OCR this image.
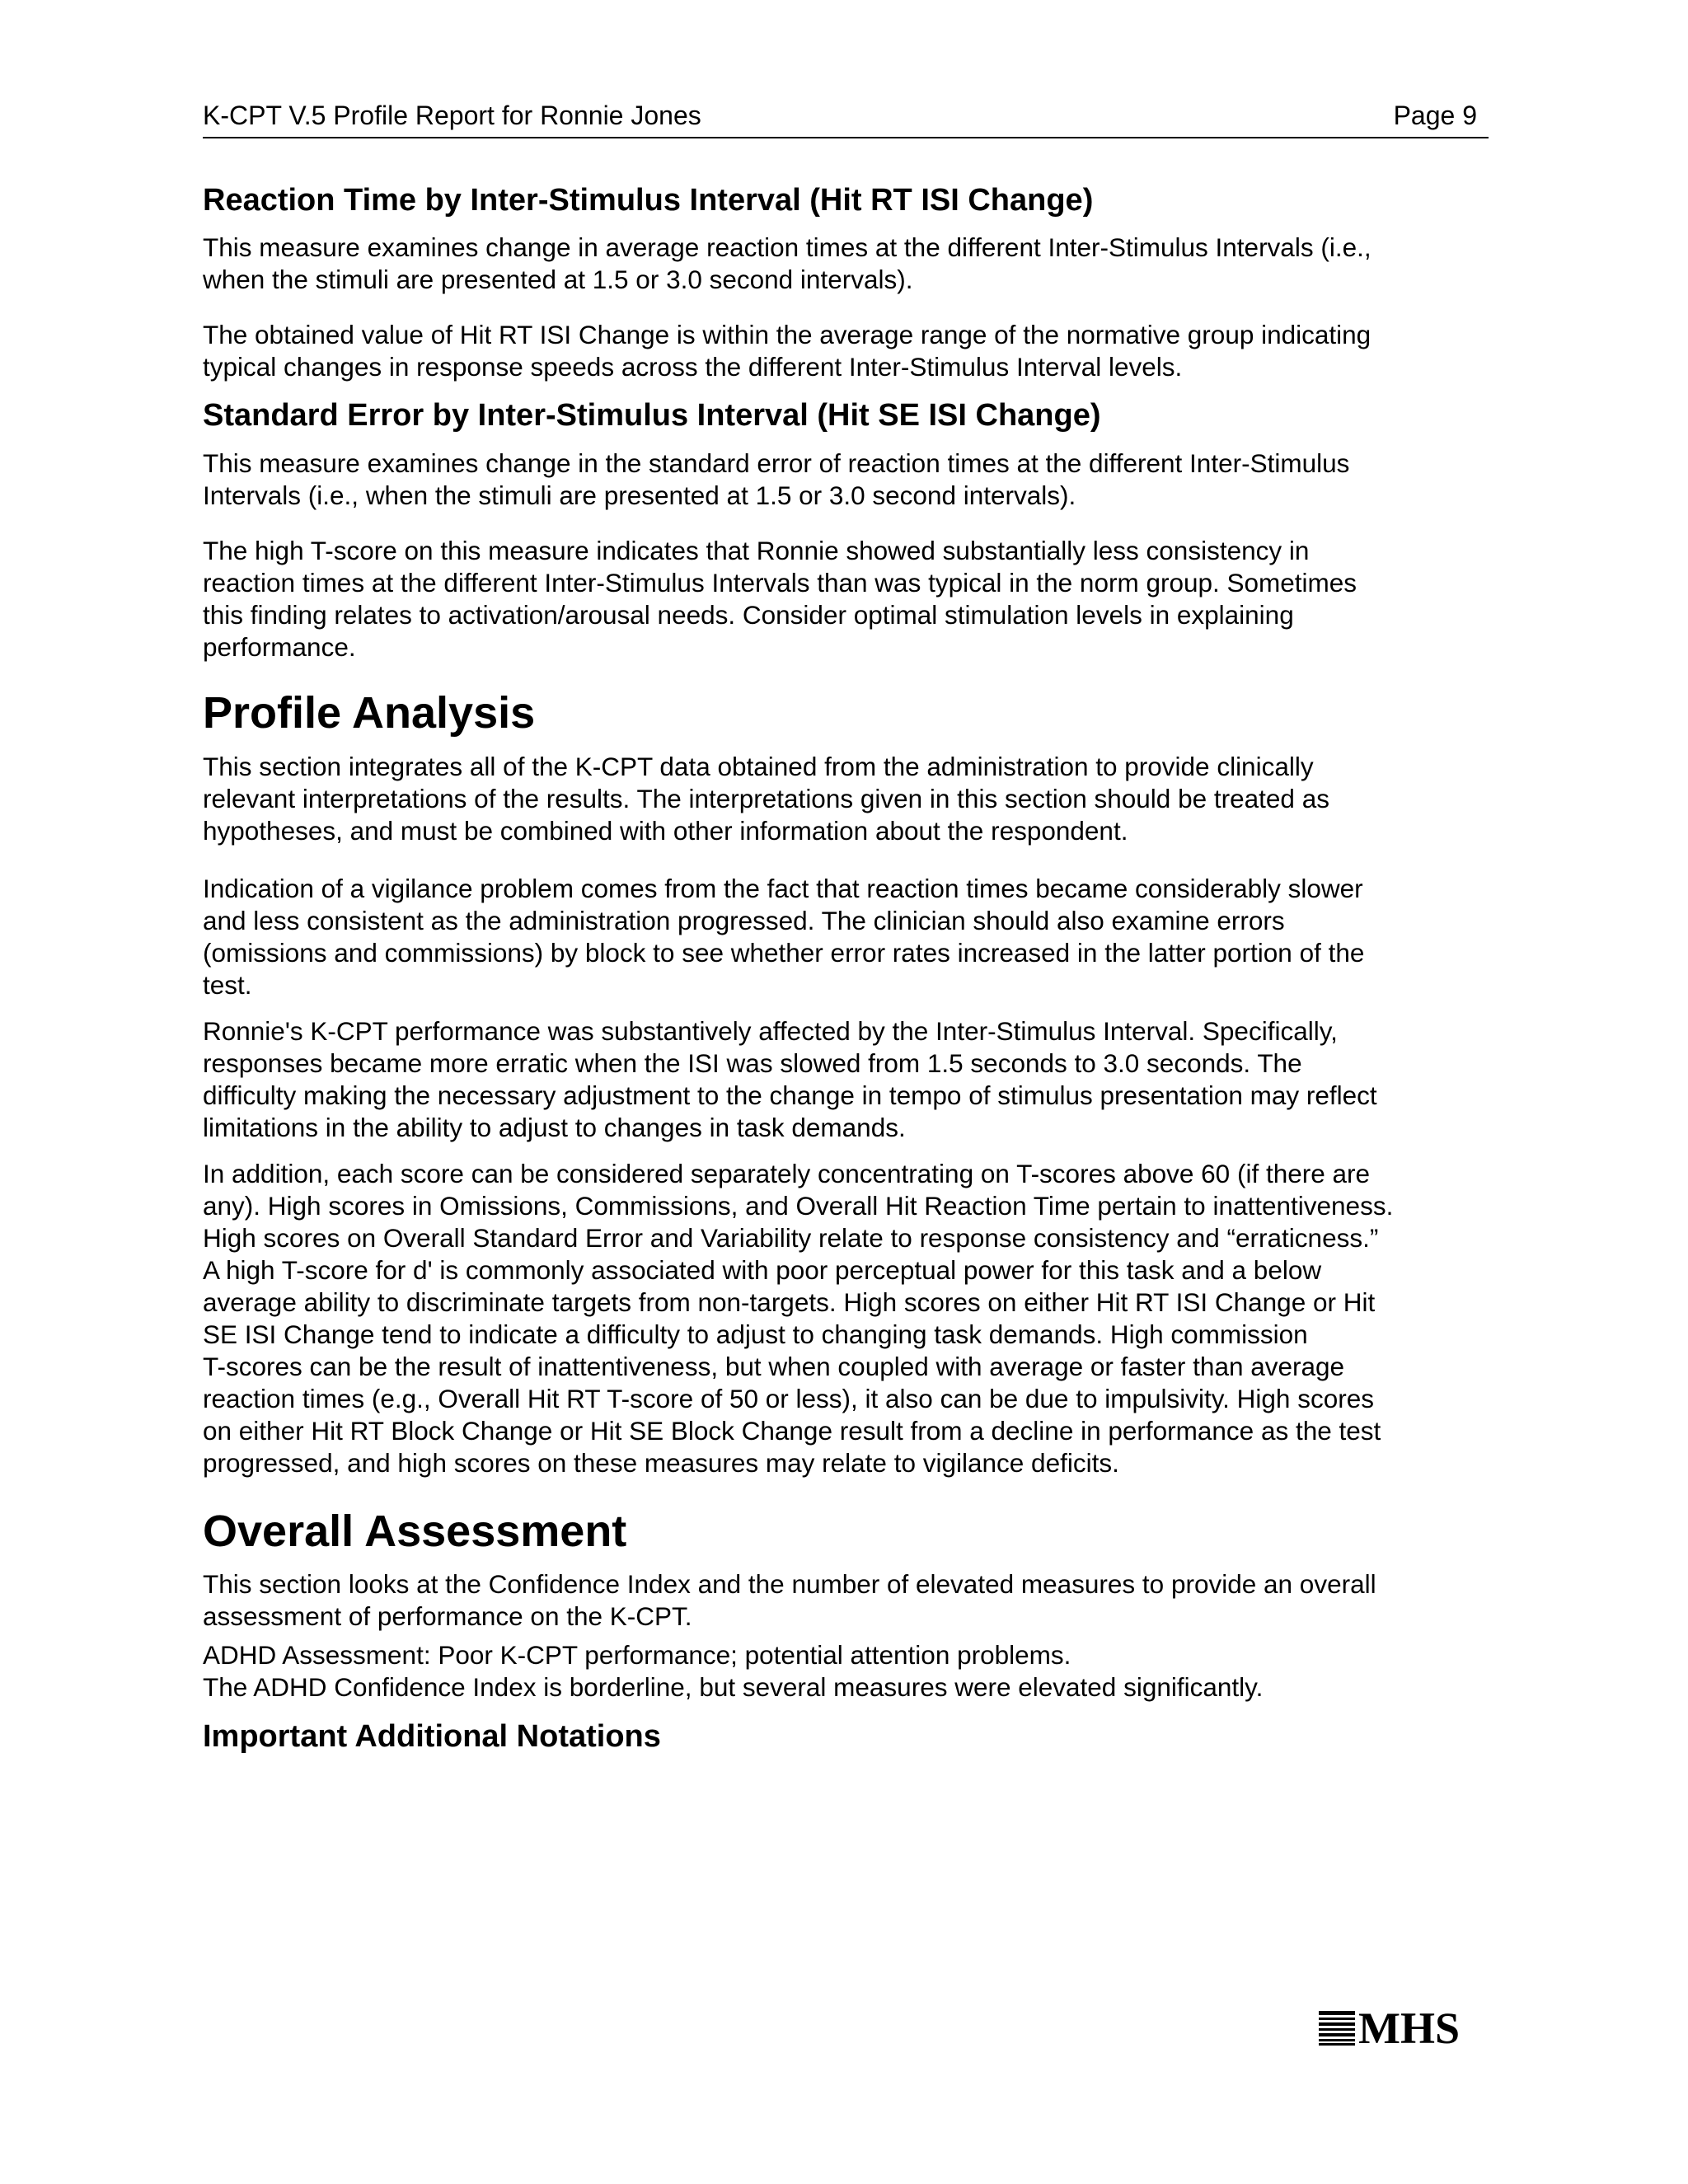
K-CPT V.5 Profile Report for Ronnie Jones	Page 9
Reaction Time by Inter-Stimulus Interval (Hit RT ISI Change)

This measure examines change in average reaction times at the different Inter-Stimulus Intervals (i.e.,
when the stimuli are presented at 1.5 or 3.0 second intervals).

The obtained value of Hit RT ISI Change is within the average range of the normative group indicating
typical changes in response speeds across the different Inter-Stimulus Interval levels.

Standard Error by Inter-Stimulus Interval (Hit SE ISI Change)

This measure examines change in the standard error of reaction times at the different Inter-Stimulus
Intervals (i.e., when the stimuli are presented at 1.5 or 3.0 second intervals).

The high T-score on this measure indicates that Ronnie showed substantially less consistency in
reaction times at the different Inter-Stimulus Intervals than was typical in the norm group. Sometimes
this finding relates to activation/arousal needs. Consider optimal stimulation levels in explaining
performance.

Profile Analysis

This section integrates all of the K-CPT data obtained from the administration to provide clinically
relevant interpretations of the results. The interpretations given in this section should be treated as
hypotheses, and must be combined with other information about the respondent.

Indication of a vigilance problem comes from the fact that reaction times became considerably slower
and less consistent as the administration progressed. The clinician should also examine errors
(omissions and commissions) by block to see whether error rates increased in the latter portion of the
test.

Ronnie's K-CPT performance was substantively affected by the Inter-Stimulus Interval. Specifically,
responses became more erratic when the ISI was slowed from 1.5 seconds to 3.0 seconds. The
difficulty making the necessary adjustment to the change in tempo of stimulus presentation may reflect
limitations in the ability to adjust to changes in task demands.

In addition, each score can be considered separately concentrating on T-scores above 60 (if there are
any). High scores in Omissions, Commissions, and Overall Hit Reaction Time pertain to inattentiveness.
High scores on Overall Standard Error and Variability relate to response consistency and “erraticness.”
A high T-score for d' is commonly associated with poor perceptual power for this task and a below
average ability to discriminate targets from non-targets. High scores on either Hit RT ISI Change or Hit
SE ISI Change tend to indicate a difficulty to adjust to changing task demands. High commission
T-scores can be the result of inattentiveness, but when coupled with average or faster than average
reaction times (e.g., Overall Hit RT T-score of 50 or less), it also can be due to impulsivity. High scores
on either Hit RT Block Change or Hit SE Block Change result from a decline in performance as the test
progressed, and high scores on these measures may relate to vigilance deficits.

Overall Assessment

This section looks at the Confidence Index and the number of elevated measures to provide an overall
assessment of performance on the K-CPT.

ADHD Assessment: Poor K-CPT performance; potential attention problems.
The ADHD Confidence Index is borderline, but several measures were elevated significantly.

Important Additional Notations
MHS
